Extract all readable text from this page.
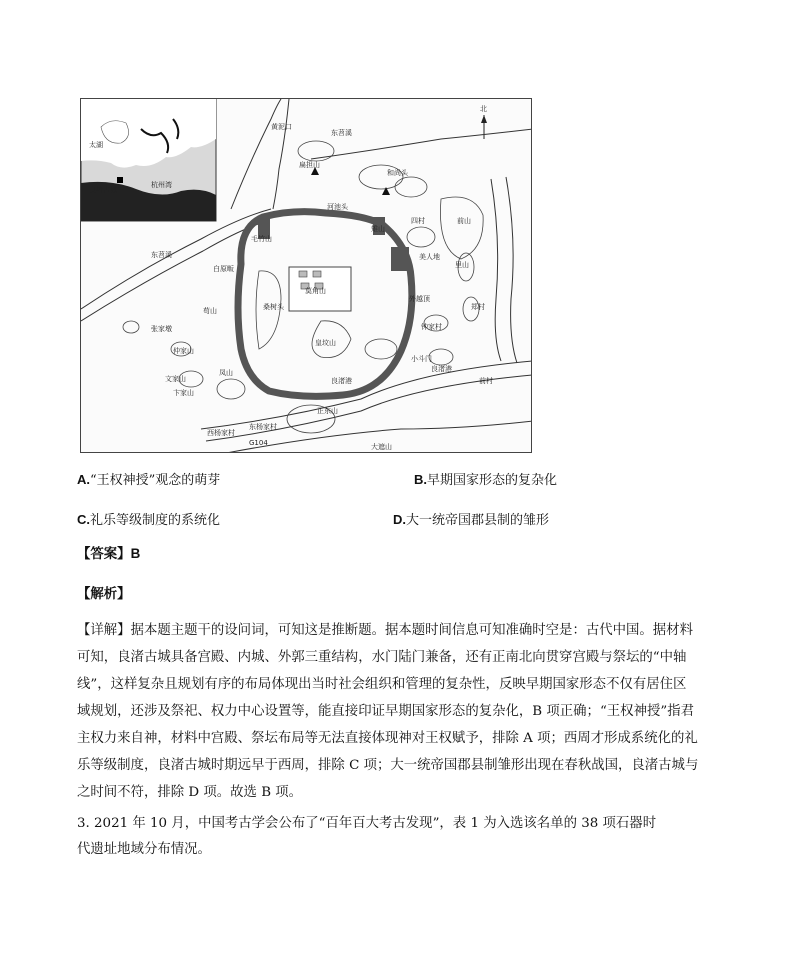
太湖
良渚古城
杭州湾
北
东苕溪
东苕溪
黄泥口
扁担山
和尚头
河池头
雉山
四村	前山
美人地
里山
郑村
白原畈
苟山
莫角山
桑树头
皇坟山
外越顶
钟家村
张家墩
仲家山
文家山
卞家山
凤山
良渚港
良渚港
前村
小斗门
正东山
西杨家村
东杨家村
G104	大遮山
毛竹山
A.“王权神授”观念的萌芽	B.早期国家形态的复杂化
C.礼乐等级制度的系统化	D.大一统帝国郡县制的雏形
【答案】B
【解析】

【详解】据本题主题干的设问词，可知这是推断题。据本题时间信息可知准确时空是：古代中国。据材料

可知，良渚古城具备宫殿、内城、外郭三重结构，水门陆门兼备，还有正南北向贯穿宫殿与祭坛的“中轴

线”，这样复杂且规划有序的布局体现出当时社会组织和管理的复杂性，反映早期国家形态不仅有居住区

域规划，还涉及祭祀、权力中心设置等，能直接印证早期国家形态的复杂化，B 项正确；“王权神授”指君

主权力来自神，材料中宫殿、祭坛布局等无法直接体现神对王权赋予，排除 A 项；西周才形成系统化的礼

乐等级制度，良渚古城时期远早于西周，排除 C 项；大一统帝国郡县制雏形出现在春秋战国，良渚古城与

之时间不符，排除 D 项。故选 B 项。

3. 2021 年 10 月，中国考古学会公布了“百年百大考古发现”，表 1 为入选该名单的 38 项石器时
代遗址地域分布情况。
